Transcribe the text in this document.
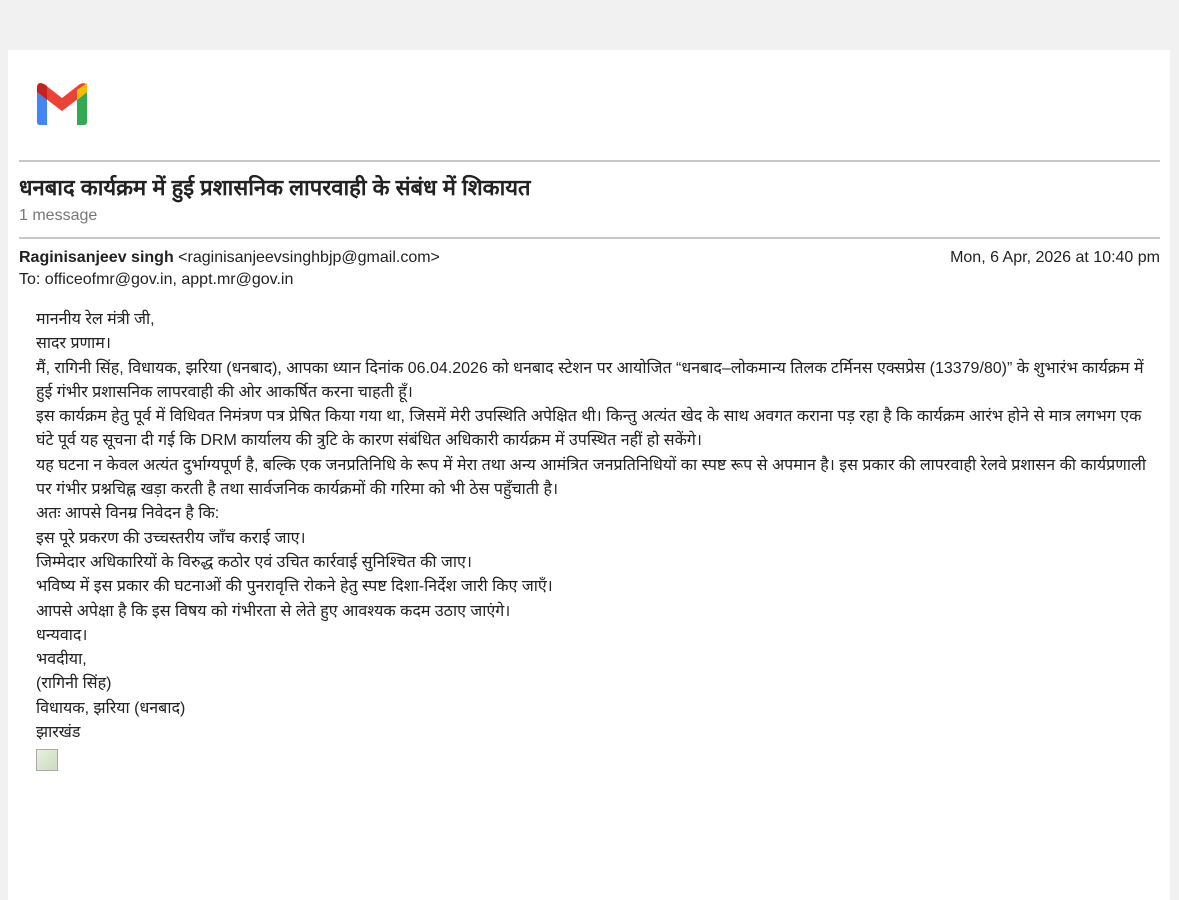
धनबाद कार्यक्रम में हुई प्रशासनिक लापरवाही के संबंध में शिकायत
1 message
Raginisanjeev singh <raginisanjeevsinghbjp@gmail.com>	Mon, 6 Apr, 2026 at 10:40 pm
To: officeofmr@gov.in, appt.mr@gov.in

माननीय रेल मंत्री जी,

सादर प्रणाम।

मैं, रागिनी सिंह, विधायक, झरिया (धनबाद), आपका ध्यान दिनांक 06.04.2026 को धनबाद स्टेशन पर आयोजित “धनबाद–लोकमान्य तिलक टर्मिनस एक्सप्रेस (13379/80)” के शुभारंभ कार्यक्रम में हुई गंभीर प्रशासनिक लापरवाही की ओर आकर्षित करना चाहती हूँ।

इस कार्यक्रम हेतु पूर्व में विधिवत निमंत्रण पत्र प्रेषित किया गया था, जिसमें मेरी उपस्थिति अपेक्षित थी। किन्तु अत्यंत खेद के साथ अवगत कराना पड़ रहा है कि कार्यक्रम आरंभ होने से मात्र लगभग एक घंटे पूर्व यह सूचना दी गई कि DRM कार्यालय की त्रुटि के कारण संबंधित अधिकारी कार्यक्रम में उपस्थित नहीं हो सकेंगे।

यह घटना न केवल अत्यंत दुर्भाग्यपूर्ण है, बल्कि एक जनप्रतिनिधि के रूप में मेरा तथा अन्य आमंत्रित जनप्रतिनिधियों का स्पष्ट रूप से अपमान है। इस प्रकार की लापरवाही रेलवे प्रशासन की कार्यप्रणाली पर गंभीर प्रश्नचिह्न खड़ा करती है तथा सार्वजनिक कार्यक्रमों की गरिमा को भी ठेस पहुँचाती है।

अतः आपसे विनम्र निवेदन है कि:

इस पूरे प्रकरण की उच्चस्तरीय जाँच कराई जाए।

जिम्मेदार अधिकारियों के विरुद्ध कठोर एवं उचित कार्रवाई सुनिश्चित की जाए।

भविष्य में इस प्रकार की घटनाओं की पुनरावृत्ति रोकने हेतु स्पष्ट दिशा-निर्देश जारी किए जाएँ।

आपसे अपेक्षा है कि इस विषय को गंभीरता से लेते हुए आवश्यक कदम उठाए जाएंगे।

धन्यवाद।

भवदीया,

(रागिनी सिंह)

विधायक, झरिया (धनबाद)

झारखंड
